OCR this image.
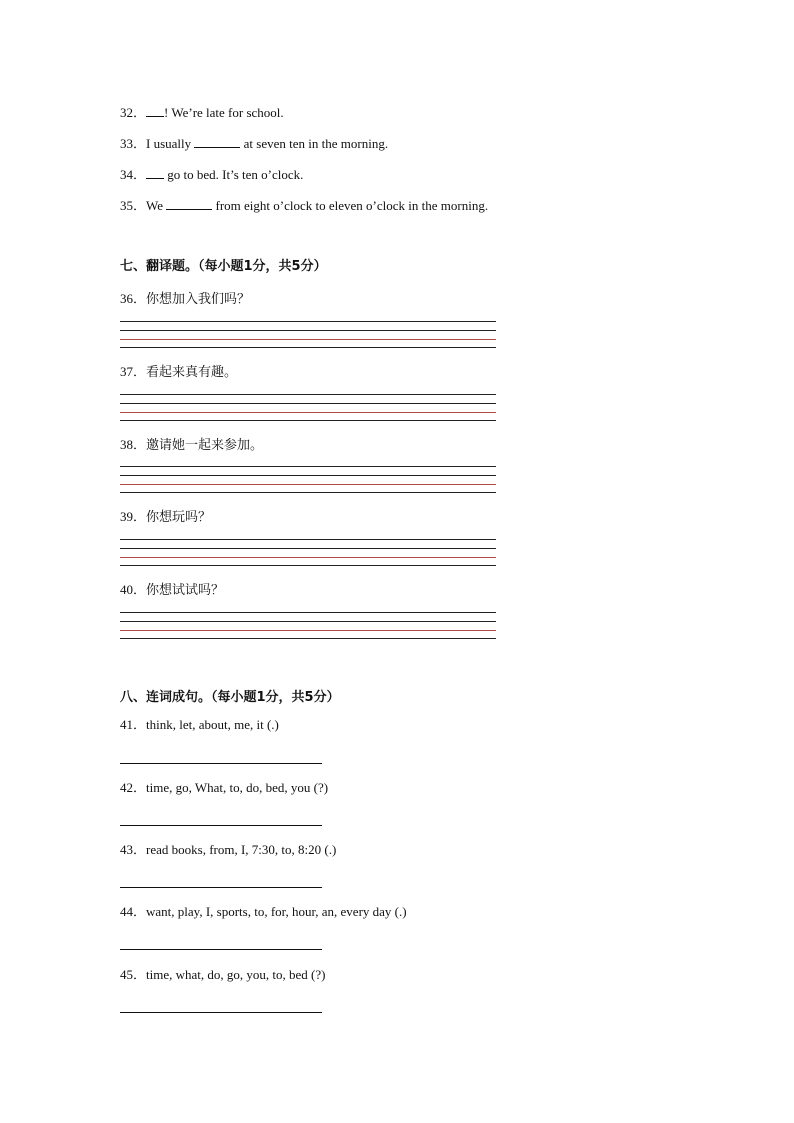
32． ! We’re late for school.
33．I usually	at seven ten in the morning.
34． go to bed. It’s ten o’clock.
35．We	from eight o’clock to eleven o’clock in the morning.
七、翻译题。（每小题1分，共5分）
36．你想加入我们吗？
37．看起来真有趣。
38．邀请她一起来参加。
39．你想玩吗？
40．你想试试吗？
八、连词成句。（每小题1分，共5分）
41．think, let, about, me, it (.)
42．time, go, What, to, do, bed, you (?)
43．read books, from, I, 7:30, to, 8:20 (.)
44．want, play, I, sports, to, for, hour, an, every day (.)
45．time, what, do, go, you, to, bed (?)
